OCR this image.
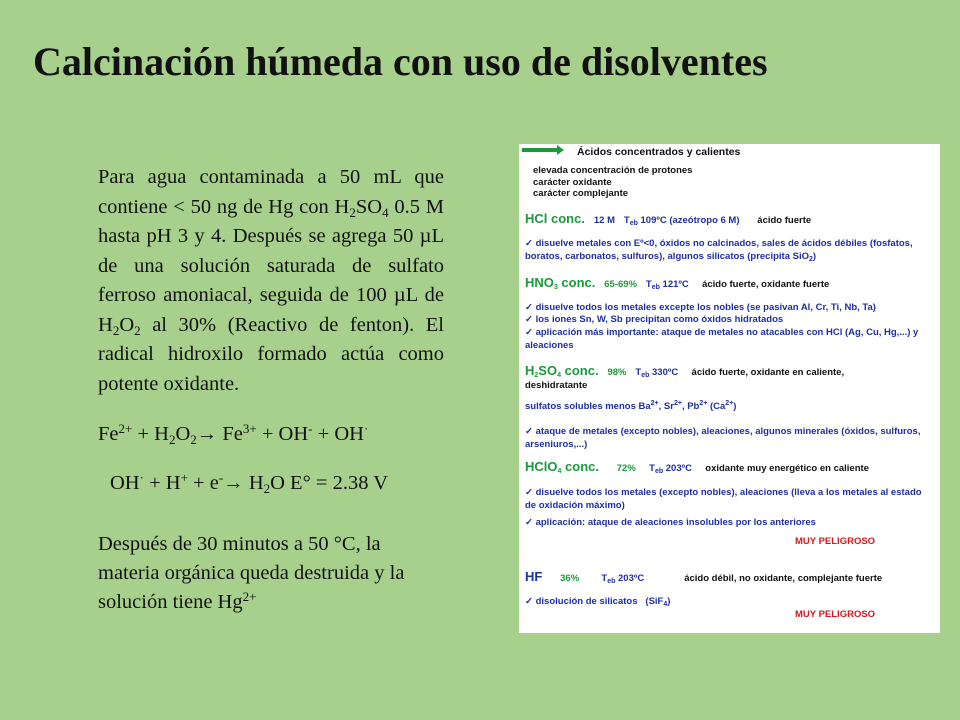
Calcinación húmeda con uso de disolventes

Para agua contaminada a 50 mL que contiene < 50 ng de Hg con $H_2SO_4$ 0.5 M hasta pH 3 y 4. Después se agrega 50 µL de una solución saturada de sulfato ferroso amoniacal, seguida de 100 µL de $H_2O_2$ al 30% (Reactivo de fenton). El radical hidroxilo formado actúa como potente oxidante.

$Fe^{2+} + H_2O_2\to Fe^{3+} + OH^- + OH^\cdot$
$OH^\cdot + H^+ + e^-\to H_2O$ E° = 2.38 V

Después de 30 minutos a 50 °C, la materia orgánica queda destruida y la solución tiene $Hg^{2+}$

Ácidos concentrados y calientes
elevada concentración de protones
carácter oxidante
carácter complejante
HCl conc. 12 M $T_{eb}$ 109ºC (azeótropo 6 M) ácido fuerte
✓ disuelve metales con Eº<0, óxidos no calcinados, sales de ácidos débiles (fosfatos, boratos, carbonatos, sulfuros), algunos silicatos (precipita SiO$_2$)
$HNO_3$ conc. 65-69% $T_{eb}$ 121ºC ácido fuerte, oxidante fuerte
✓ disuelve todos los metales excepte los nobles (se pasivan Al, Cr, Ti, Nb, Ta)
✓ los iones Sn, W, Sb precipitan como óxidos hidratados
✓ aplicación más importante: ataque de metales no atacables con HCl (Ag, Cu, Hg,...) y aleaciones
$H_2SO_4$ conc. 98% $T_{eb}$ 330ºC ácido fuerte, oxidante en caliente,
deshidratante
sulfatos solubles menos $Ba^{2+}$, $Sr^{2+}$, $Pb^{2+}$ $(Ca^{2+})$
✓ ataque de metales (excepto nobles), aleaciones, algunos minerales (óxidos, sulfuros, arseniuros,...)
HClO$_4$ conc. 72% $T_{eb}$ 203ºC oxidante muy energético en caliente
✓ disuelve todos los metales (excepto nobles), aleaciones (lleva a los metales al estado de oxidación máximo)
✓ aplicación: ataque de aleaciones insolubles por los anteriores
MUY PELIGROSO
HF 36% $T_{eb}$ 203ºC	ácido débil, no oxidante, complejante fuerte
✓ disolución de silicatos (SiF$_4$)
MUY PELIGROSO
